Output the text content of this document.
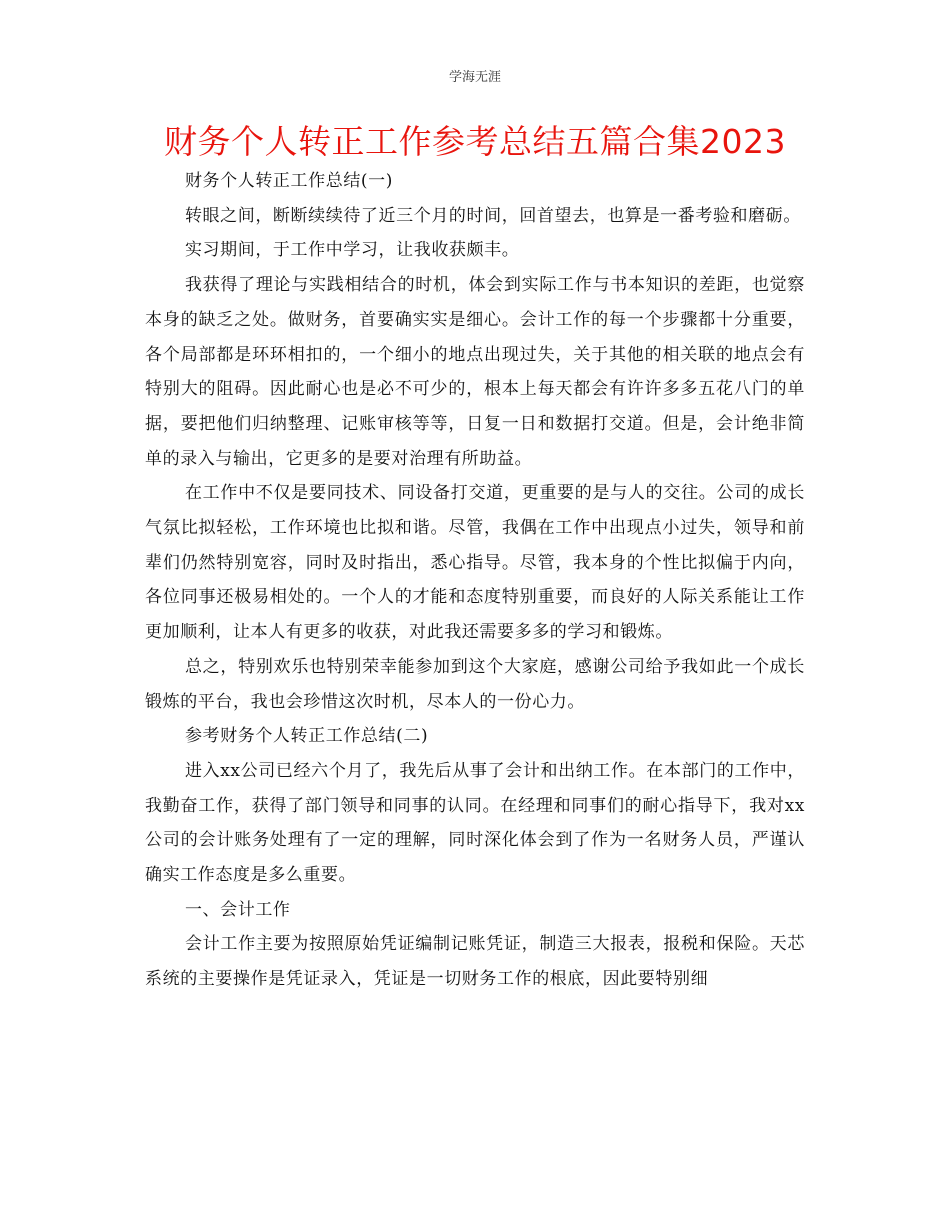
学海无涯
财务个人转正工作参考总结五篇合集2023

财务个人转正工作总结(一)

转眼之间，断断续续待了近三个月的时间，回首望去，也算是一番考验和磨砺。

实习期间，于工作中学习，让我收获颇丰。

我获得了理论与实践相结合的时机，体会到实际工作与书本知识的差距，也觉察本身的缺乏之处。做财务，首要确实实是细心。会计工作的每一个步骤都十分重要，各个局部都是环环相扣的，一个细小的地点出现过失，关于其他的相关联的地点会有特别大的阻碍。因此耐心也是必不可少的，根本上每天都会有许许多多五花八门的单据，要把他们归纳整理、记账审核等等，日复一日和数据打交道。但是，会计绝非简单的录入与输出，它更多的是要对治理有所助益。

在工作中不仅是要同技术、同设备打交道，更重要的是与人的交往。公司的成长气氛比拟轻松，工作环境也比拟和谐。尽管，我偶在工作中出现点小过失，领导和前辈们仍然特别宽容，同时及时指出，悉心指导。尽管，我本身的个性比拟偏于内向，各位同事还极易相处的。一个人的才能和态度特别重要，而良好的人际关系能让工作更加顺利，让本人有更多的收获，对此我还需要多多的学习和锻炼。

总之，特别欢乐也特别荣幸能参加到这个大家庭，感谢公司给予我如此一个成长锻炼的平台，我也会珍惜这次时机，尽本人的一份心力。

参考财务个人转正工作总结(二)

进入xx公司已经六个月了，我先后从事了会计和出纳工作。在本部门的工作中，我勤奋工作，获得了部门领导和同事的认同。在经理和同事们的耐心指导下，我对xx公司的会计账务处理有了一定的理解，同时深化体会到了作为一名财务人员，严谨认确实工作态度是多么重要。

一、会计工作

会计工作主要为按照原始凭证编制记账凭证，制造三大报表，报税和保险。天芯系统的主要操作是凭证录入，凭证是一切财务工作的根底，因此要特别细
